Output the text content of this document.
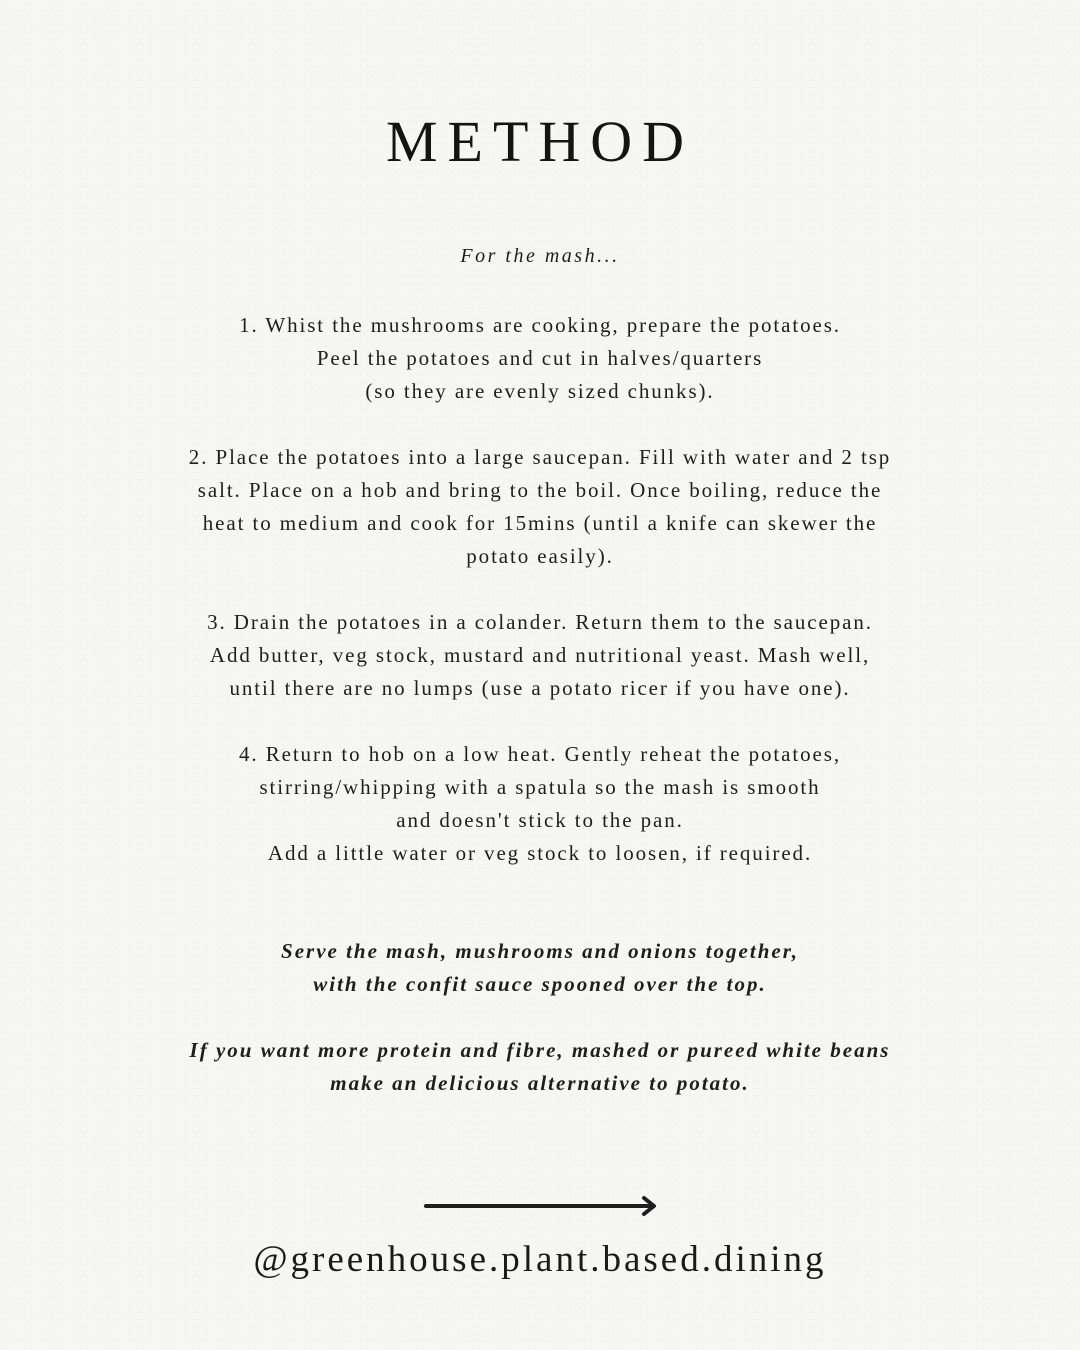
METHOD
For the mash...
1. Whist the mushrooms are cooking, prepare the potatoes.
Peel the potatoes and cut in halves/quarters
(so they are evenly sized chunks).
2. Place the potatoes into a large saucepan. Fill with water and 2 tsp
salt. Place on a hob and bring to the boil. Once boiling, reduce the
heat to medium and cook for 15mins (until a knife can skewer the
potato easily).
3. Drain the potatoes in a colander. Return them to the saucepan.
Add butter, veg stock, mustard and nutritional yeast. Mash well,
until there are no lumps (use a potato ricer if you have one).
4. Return to hob on a low heat. Gently reheat the potatoes,
stirring/whipping with a spatula so the mash is smooth
and doesn't stick to the pan.
Add a little water or veg stock to loosen, if required.
Serve the mash, mushrooms and onions together,
with the confit sauce spooned over the top.
If you want more protein and fibre, mashed or pureed white beans
make an delicious alternative to potato.
@greenhouse.plant.based.dining
